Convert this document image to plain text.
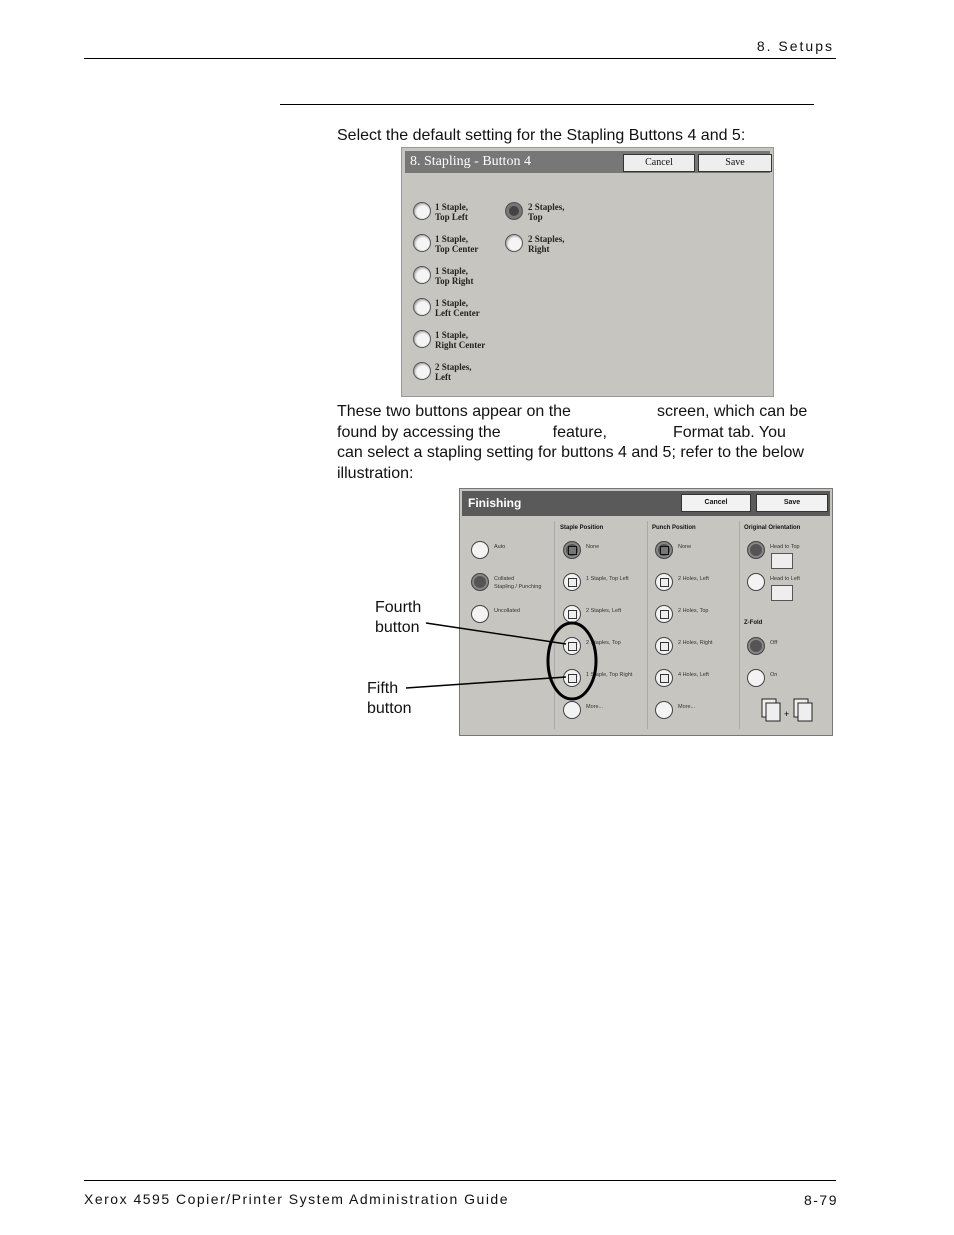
8. Setups
Select the default setting for the Stapling Buttons 4 and 5:
8. Stapling - Button 4	Cancel	Save
1 Staple,
Top Left
1 Staple,
Top Center
1 Staple,
Top Right
1 Staple,
Left Center
1 Staple,
Right Center
2 Staples,
Left
2 Staples,
Top
2 Staples,
Right
These two buttons appear on the	screen, which can be
found by accessing the	feature,	Format tab. You
can select a stapling setting for buttons 4 and 5; refer to the below
illustration:
Finishing	Cancel	Save
Auto
Collated
Stapling / Punching
Uncollated
Staple Position
None
1 Staple, Top Left
2 Staples, Left
2 Staples, Top
1 Staple, Top Right
More...
Punch Position
None
2 Holes, Left
2 Holes, Top
2 Holes, Right
4 Holes, Left
More...
Original Orientation
Head to Top
Head to Left
Z-Fold
Off
On
+
Fourth
button
Fifth
button
Xerox 4595 Copier/Printer System Administration Guide	8-79
